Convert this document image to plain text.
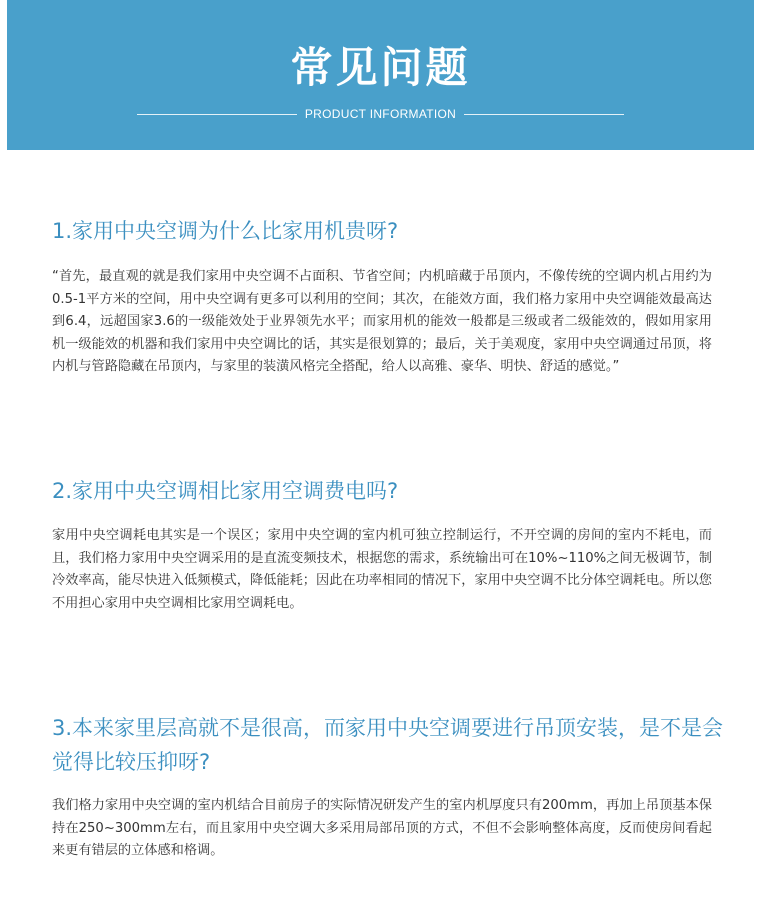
常见问题
PRODUCT INFORMATION
1.家用中央空调为什么比家用机贵呀?
“首先，最直观的就是我们家用中央空调不占面积、节省空间；内机暗藏于吊顶内，不像传统的空调内机占用约为0.5-1平方米的空间，用中央空调有更多可以利用的空间；其次，在能效方面，我们格力家用中央空调能效最高达到6.4，远超国家3.6的一级能效处于业界领先水平；而家用机的能效一般都是三级或者二级能效的，假如用家用机一级能效的机器和我们家用中央空调比的话，其实是很划算的；最后，关于美观度，家用中央空调通过吊顶，将内机与管路隐藏在吊顶内，与家里的装潢风格完全搭配，给人以高雅、豪华、明快、舒适的感觉。”
2.家用中央空调相比家用空调费电吗?
家用中央空调耗电其实是一个误区；家用中央空调的室内机可独立控制运行，不开空调的房间的室内不耗电，而且，我们格力家用中央空调采用的是直流变频技术，根据您的需求，系统输出可在10%~110%之间无极调节，制冷效率高，能尽快进入低频模式，降低能耗；因此在功率相同的情况下，家用中央空调不比分体空调耗电。所以您不用担心家用中央空调相比家用空调耗电。
3.本来家里层高就不是很高，而家用中央空调要进行吊顶安装，是不是会觉得比较压抑呀?
我们格力家用中央空调的室内机结合目前房子的实际情况研发产生的室内机厚度只有200mm，再加上吊顶基本保持在250~300mm左右，而且家用中央空调大多采用局部吊顶的方式，不但不会影响整体高度，反而使房间看起来更有错层的立体感和格调。
